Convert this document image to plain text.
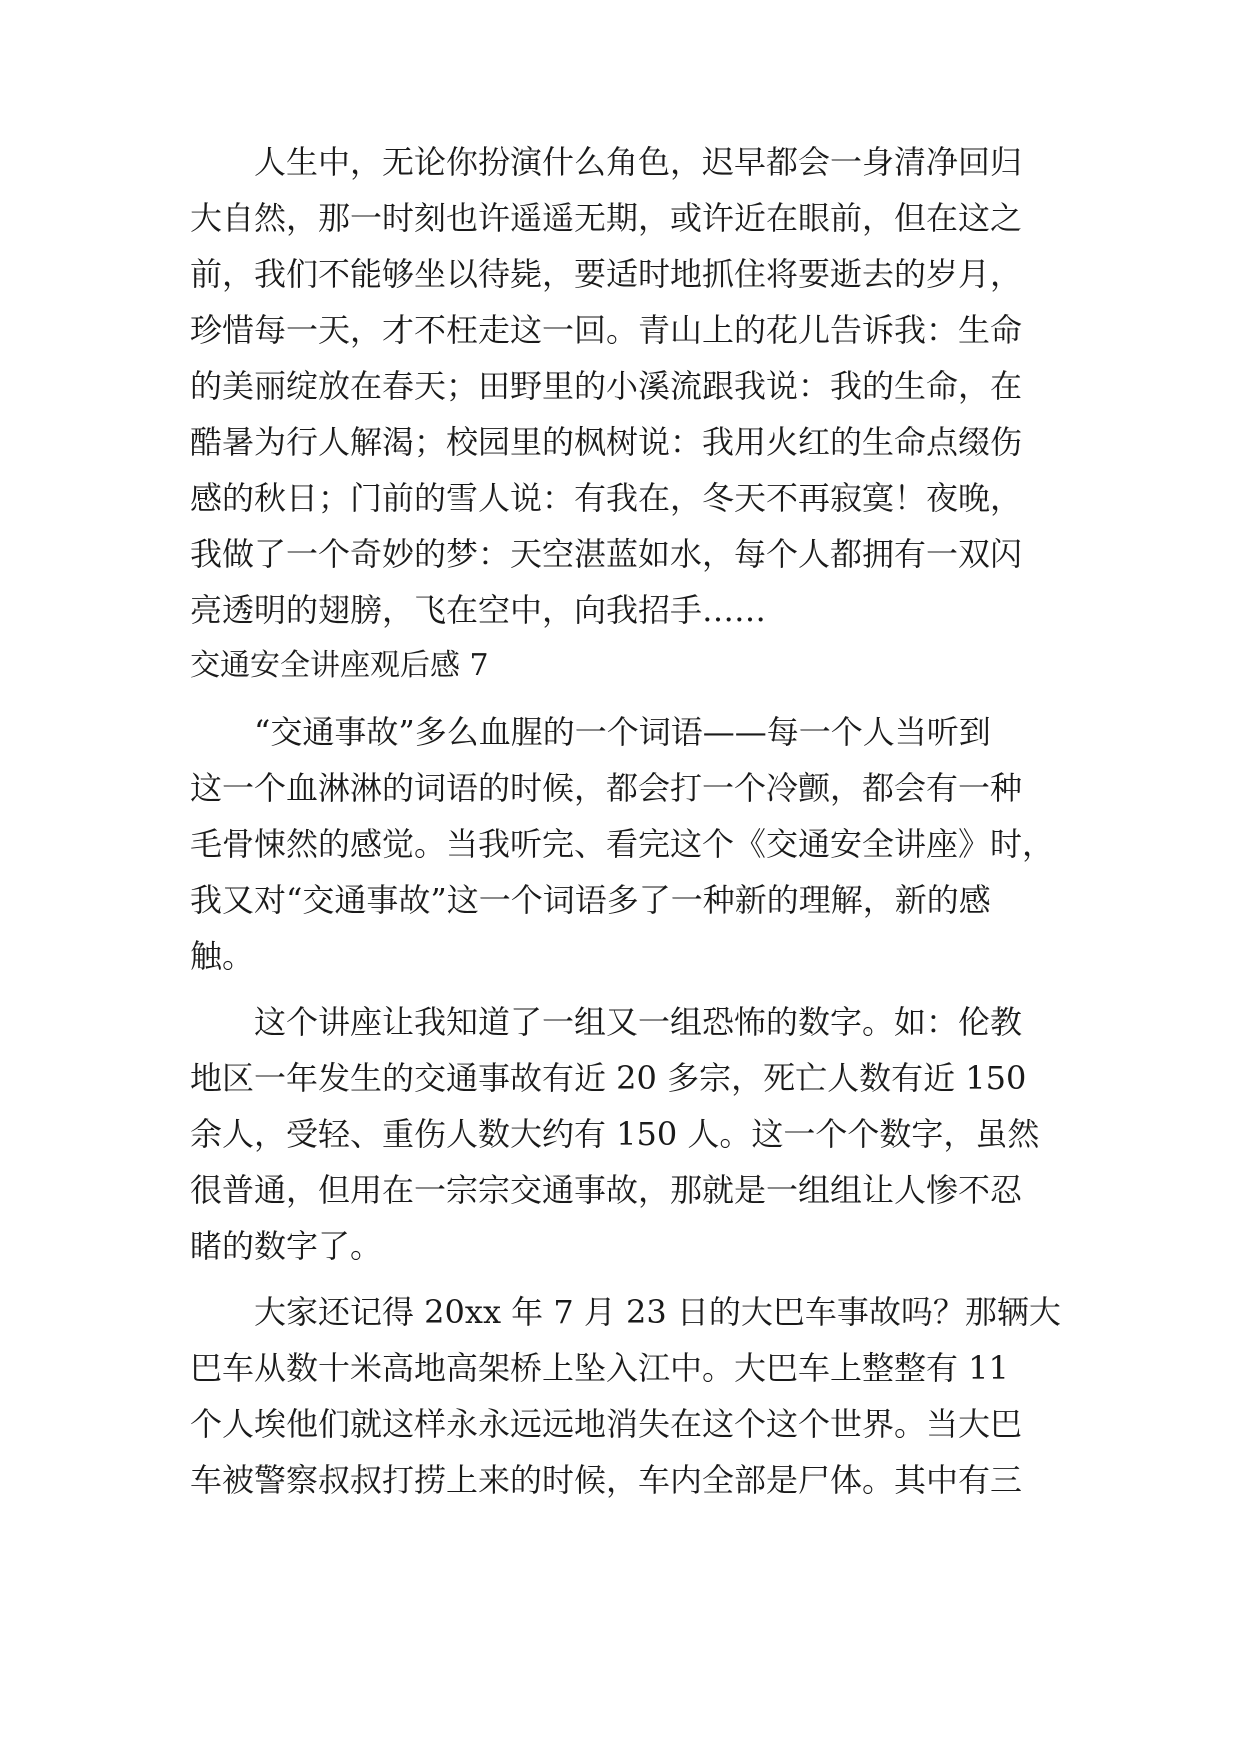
　　人生中，无论你扮演什么角色，迟早都会一身清净回归
大自然，那一时刻也许遥遥无期，或许近在眼前，但在这之
前，我们不能够坐以待毙，要适时地抓住将要逝去的岁月，
珍惜每一天，才不枉走这一回。青山上的花儿告诉我：生命
的美丽绽放在春天；田野里的小溪流跟我说：我的生命，在
酷暑为行人解渴；校园里的枫树说：我用火红的生命点缀伤
感的秋日；门前的雪人说：有我在，冬天不再寂寞！夜晚，
我做了一个奇妙的梦：天空湛蓝如水，每个人都拥有一双闪
亮透明的翅膀，飞在空中，向我招手……
交通安全讲座观后感 7
　　“交通事故”多么血腥的一个词语——每一个人当听到
这一个血淋淋的词语的时候，都会打一个冷颤，都会有一种
毛骨悚然的感觉。当我听完、看完这个《交通安全讲座》时，
我又对“交通事故”这一个词语多了一种新的理解，新的感
触。
　　这个讲座让我知道了一组又一组恐怖的数字。如：伦教
地区一年发生的交通事故有近 20 多宗，死亡人数有近 150
余人，受轻、重伤人数大约有 150 人。这一个个数字，虽然
很普通，但用在一宗宗交通事故，那就是一组组让人惨不忍
睹的数字了。
　　大家还记得 20xx 年 7 月 23 日的大巴车事故吗？那辆大
巴车从数十米高地高架桥上坠入江中。大巴车上整整有 11
个人埃他们就这样永永远远地消失在这个这个世界。当大巴
车被警察叔叔打捞上来的时候，车内全部是尸体。其中有三
